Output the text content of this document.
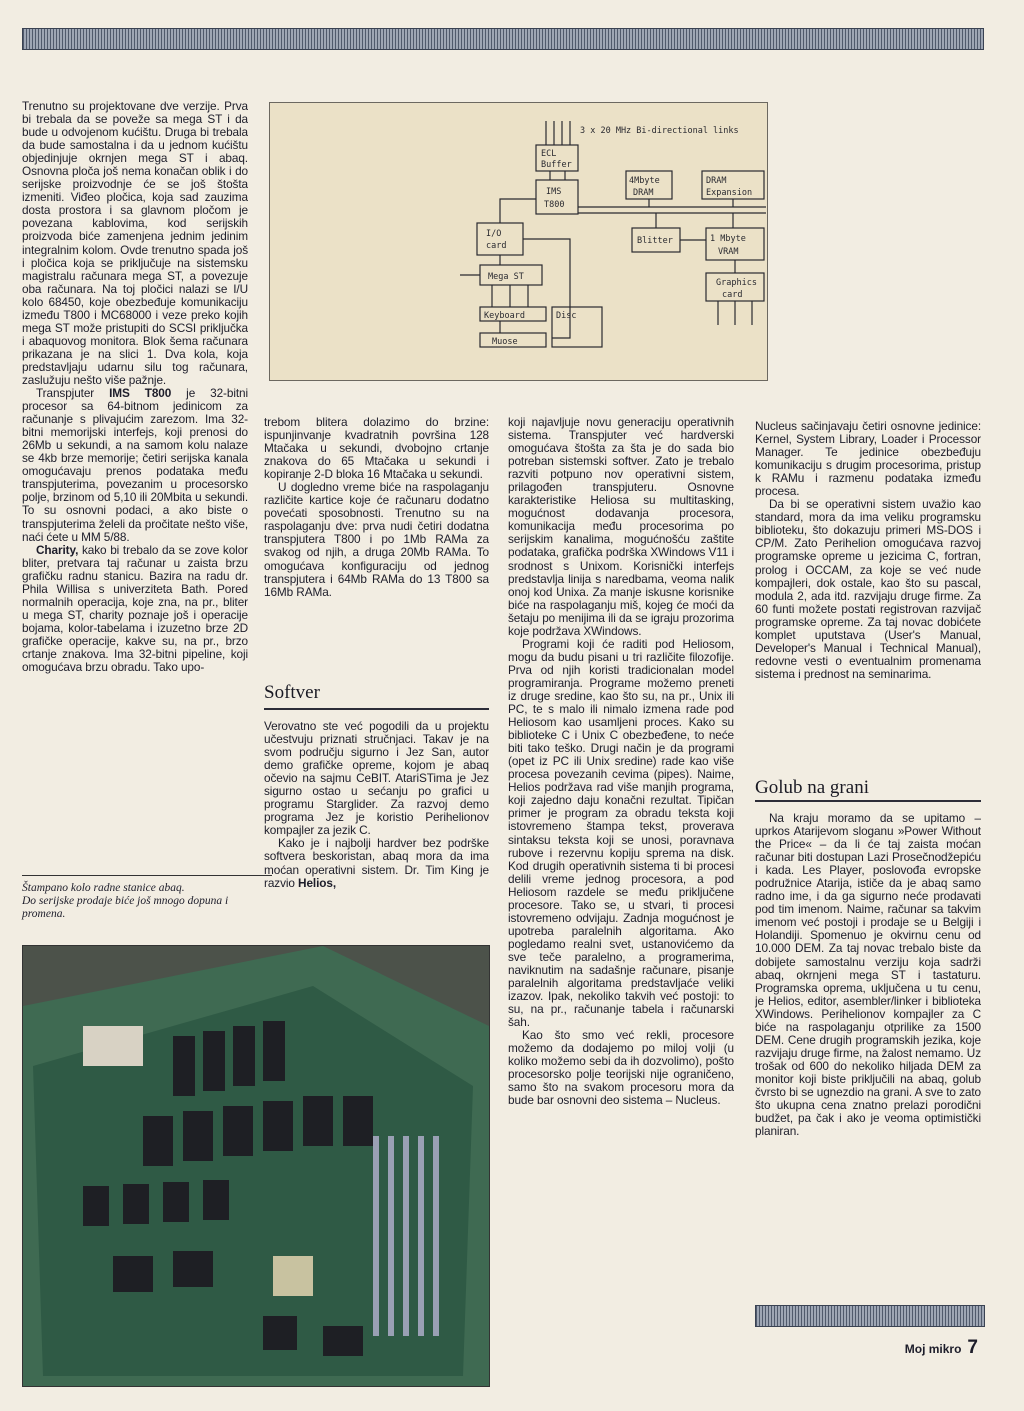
Trenutno su projektovane dve verzije. Prva bi trebala da se poveže sa mega ST i da bude u odvojenom kućištu. Druga bi trebala da bude samostalna i da u jednom kućištu objedinjuje okrnjen mega ST i abaq. Osnovna ploča još nema konačan oblik i do serijske proizvodnje će se još štošta izmeniti. Viđeo pločica, koja sad zauzima dosta prostora i sa glavnom pločom je povezana kablovima, kod serijskih proizvoda biće zamenjena jednim jedinim integralnim kolom. Ovde trenutno spada još i pločica koja se priključuje na sistemsku magistralu računara mega ST, a povezuje oba računara. Na toj pločici nalazi se I/U kolo 68450, koje obezbeđuje komunikaciju između T800 i MC68000 i veze preko kojih mega ST može pristupiti do SCSI priključka i abaquovog monitora. Blok šema računara prikazana je na slici 1. Dva kola, koja predstavljaju udarnu silu tog računara, zaslužuju nešto više pažnje.

Transpjuter IMS T800 je 32-bitni procesor sa 64-bitnom jedinicom za računanje s plivajućim zarezom. Ima 32-bitni memorijski interfejs, koji prenosi do 26Mb u sekundi, a na samom kolu nalaze se 4kb brze memorije; četiri serijska kanala omogućavaju prenos podataka među transpjuterima, povezanim u procesorsko polje, brzinom od 5,10 ili 20Mbita u sekundi. To su osnovni podaci, a ako biste o transpjuterima želeli da pročitate nešto više, naći ćete u MM 5/88.

Charity, kako bi trebalo da se zove kolor bliter, pretvara taj računar u zaista brzu grafičku radnu stanicu. Bazira na radu dr. Phila Willisa s univerziteta Bath. Pored normalnih operacija, koje zna, na pr., bliter u mega ST, charity poznaje još i operacije bojama, kolor-tabelama i izuzetno brze 2D grafičke operacije, kakve su, na pr., brzo crtanje znakova. Ima 32-bitni pipeline, koji omogućava brzu obradu. Tako upo-

Štampano kolo radne stanice abaq.
Do serijske prodaje biće još mnogo dopuna i promena.
3 x 20 MHz Bi-directional links
ECL
Buffer
IMS
T800
4Mbyte
DRAM
DRAM
Expansion
I/O
card	Blitter	1 Mbyte
VRAM
Graphics
card
Mega ST
Keyboard	Disc
Muose

trebom blitera dolazimo do brzine: ispunjinvanje kvadratnih površina 128 Mtačaka u sekundi, dvobojno crtanje znakova do 65 Mtačaka u sekundi i kopiranje 2-D bloka 16 Mtačaka u sekundi.

U dogledno vreme biće na raspolaganju različite kartice koje će računaru dodatno povećati sposobnosti. Trenutno su na raspolaganju dve: prva nudi četiri dodatna transpjutera T800 i po 1Mb RAMa za svakog od njih, a druga 20Mb RAMa. To omogućava konfiguraciju od jednog transpjutera i 64Mb RAMa do 13 T800 sa 16Mb RAMa.

Softver

Verovatno ste već pogodili da u projektu učestvuju priznati stručnjaci. Takav je na svom području sigurno i Jez San, autor demo grafičke opreme, kojom je abaq očevio na sajmu CeBIT. AtariSTima je Jez sigurno ostao u sećanju po grafici u programu Starglider. Za razvoj demo programa Jez je koristio Perihelionov kompajler za jezik C.

Kako je i najbolji hardver bez podrške softvera beskoristan, abaq mora da ima moćan operativni sistem. Dr. Tim King je razvio Helios,

koji najavljuje novu generaciju operativnih sistema. Transpjuter već hardverski omogućava štošta za šta je do sada bio potreban sistemski softver. Zato je trebalo razviti potpuno nov operativni sistem, prilagođen transpjuteru. Osnovne karakteristike Heliosa su multitasking, mogućnost dodavanja procesora, komunikacija među procesorima po serijskim kanalima, mogućnošću zaštite podataka, grafička podrška XWindows V11 i srodnost s Unixom. Korisnički interfejs predstavlja linija s naredbama, veoma nalik onoj kod Unixa. Za manje iskusne korisnike biće na raspolaganju miš, kojeg će moći da šetaju po menijima ili da se igraju prozorima koje podržava XWindows.

Programi koji će raditi pod Heliosom, mogu da budu pisani u tri različite filozofije. Prva od njih koristi tradicionalan model programiranja. Programe možemo preneti iz druge sredine, kao što su, na pr., Unix ili PC, te s malo ili nimalo izmena rade pod Heliosom kao usamljeni proces. Kako su biblioteke C i Unix C obezbeđene, to neće biti tako teško. Drugi način je da programi (opet iz PC ili Unix sredine) rade kao više procesa povezanih cevima (pipes). Naime, Helios podržava rad više manjih programa, koji zajedno daju konačni rezultat. Tipičan primer je program za obradu teksta koji istovremeno štampa tekst, proverava sintaksu teksta koji se unosi, poravnava rubove i rezervnu kopiju sprema na disk. Kod drugih operativnih sistema ti bi procesi delili vreme jednog procesora, a pod Heliosom razdele se među priključene procesore. Tako se, u stvari, ti procesi istovremeno odvijaju. Zadnja mogućnost je upotreba paralelnih algoritama. Ako pogledamo realni svet, ustanovićemo da sve teče paralelno, a programerima, naviknutim na sadašnje računare, pisanje paralelnih algoritama predstavljaće veliki izazov. Ipak, nekoliko takvih već postoji: to su, na pr., računanje tabela i računarski šah.

Kao što smo već rekli, procesore možemo da dodajemo po miloj volji (u koliko možemo sebi da ih dozvolimo), pošto procesorsko polje teorijski nije ograničeno, samo što na svakom procesoru mora da bude bar osnovni deo sistema – Nucleus.

Nucleus sačinjavaju četiri osnovne jedinice: Kernel, System Library, Loader i Processor Manager. Te jedinice obezbeđuju komunikaciju s drugim procesorima, pristup k RAMu i razmenu podataka između procesa.

Da bi se operativni sistem uvažio kao standard, mora da ima veliku programsku biblioteku, što dokazuju primeri MS-DOS i CP/M. Zato Perihelion omogućava razvoj programske opreme u jezicima C, fortran, prolog i OCCAM, za koje se već nude kompajleri, dok ostale, kao što su pascal, modula 2, ada itd. razvijaju druge firme. Za 60 funti možete postati registrovan razvijač programske opreme. Za taj novac dobićete komplet uputstava (User's Manual, Developer's Manual i Technical Manual), redovne vesti o eventualnim promenama sistema i prednost na seminarima.

Golub na grani

Na kraju moramo da se upitamo – uprkos Atarijevom sloganu »Power Without the Price« – da li će taj zaista moćan računar biti dostupan Lazi Prosečnodžepiću i kada. Les Player, poslovođa evropske podružnice Atarija, ističe da je abaq samo radno ime, i da ga sigurno neće prodavati pod tim imenom. Naime, računar sa takvim imenom već postoji i prodaje se u Belgiji i Holandiji. Spomenuo je okvirnu cenu od 10.000 DEM. Za taj novac trebalo biste da dobijete samostalnu verziju koja sadrži abaq, okrnjeni mega ST i tastaturu. Programska oprema, uključena u tu cenu, je Helios, editor, asembler/linker i biblioteka XWindows. Perihelionov kompajler za C biće na raspolaganju otprilike za 1500 DEM. Cene drugih programskih jezika, koje razvijaju druge firme, na žalost nemamo. Uz trošak od 600 do nekoliko hiljada DEM za monitor koji biste priključili na abaq, golub čvrsto bi se ugnezdio na grani. A sve to zato što ukupna cena znatno prelazi porodični budžet, pa čak i ako je veoma optimistički planiran.

Moj mikro 7
